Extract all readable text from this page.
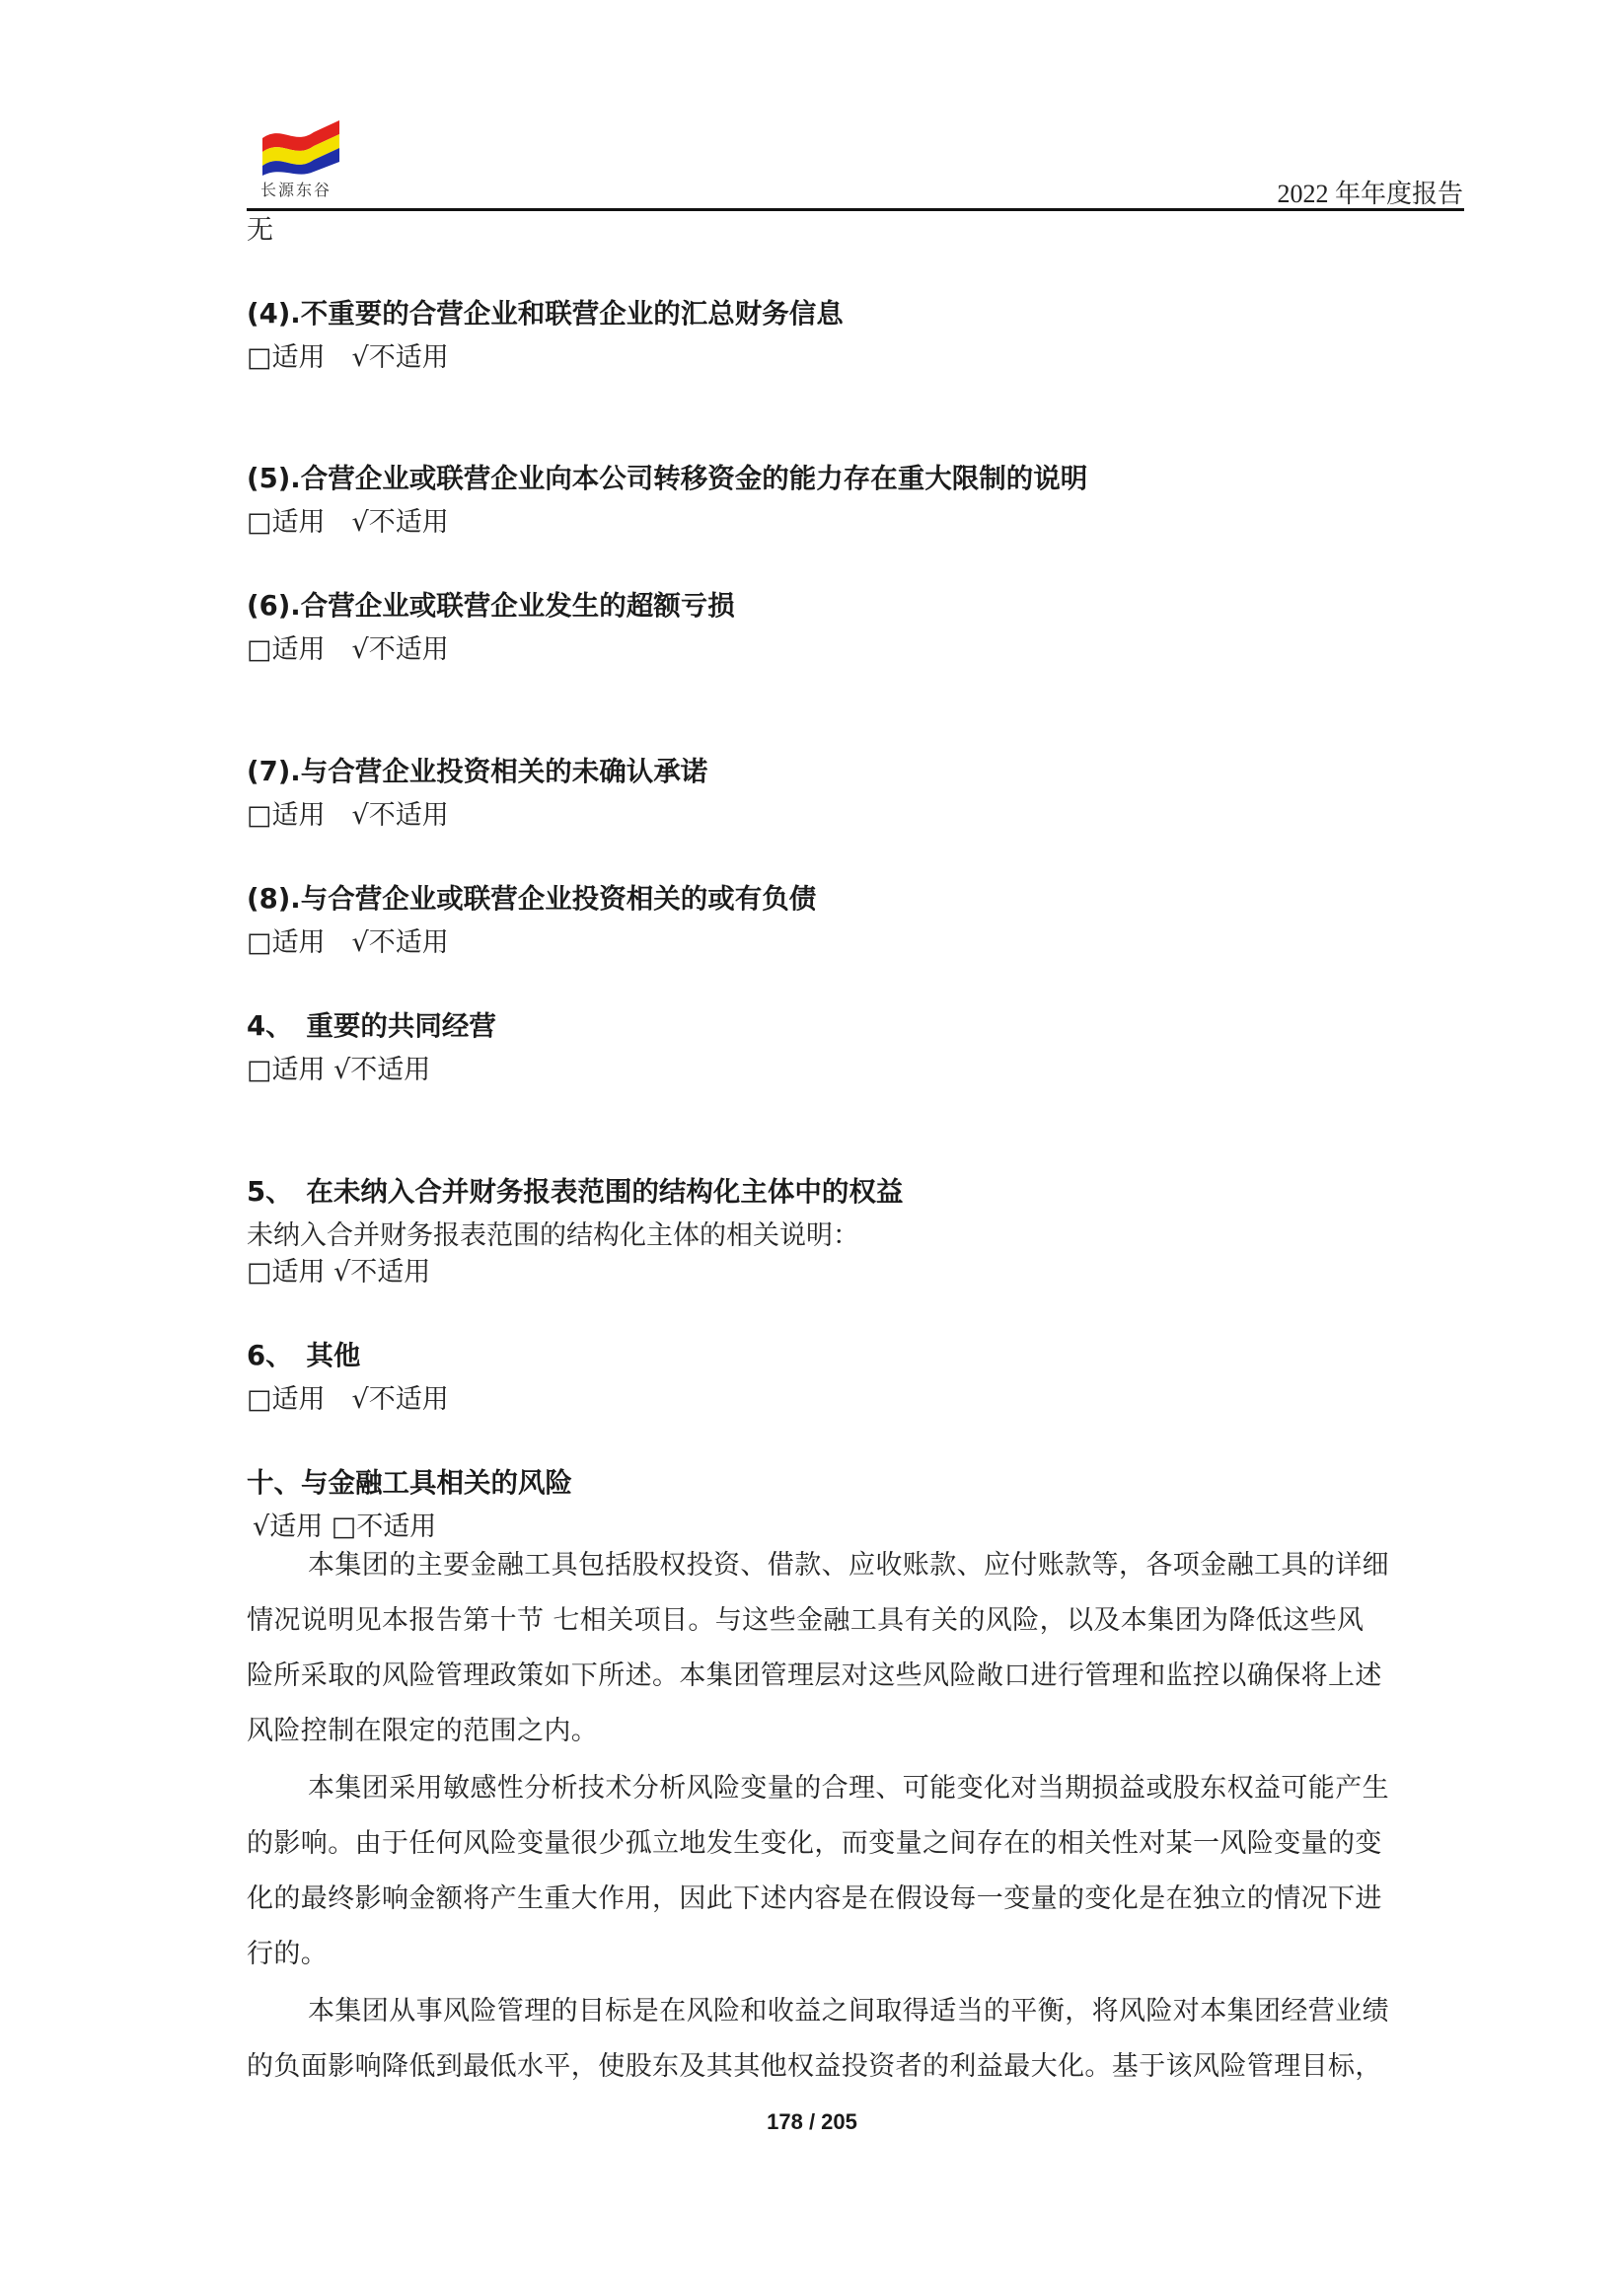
长源东谷	2022 年年度报告
无
(4).不重要的合营企业和联营企业的汇总财务信息
□适用　√不适用
(5).合营企业或联营企业向本公司转移资金的能力存在重大限制的说明
□适用　√不适用
(6).合营企业或联营企业发生的超额亏损
□适用　√不适用
(7).与合营企业投资相关的未确认承诺
□适用　√不适用
(8).与合营企业或联营企业投资相关的或有负债
□适用　√不适用
4、　重要的共同经营
□适用 √不适用
5、　在未纳入合并财务报表范围的结构化主体中的权益
未纳入合并财务报表范围的结构化主体的相关说明：
□适用 √不适用
6、　其他
□适用　√不适用
十、与金融工具相关的风险
√适用 □不适用
本集团的主要金融工具包括股权投资、借款、应收账款、应付账款等，各项金融工具的详细
情况说明见本报告第十节 七相关项目。与这些金融工具有关的风险，以及本集团为降低这些风
险所采取的风险管理政策如下所述。本集团管理层对这些风险敞口进行管理和监控以确保将上述
风险控制在限定的范围之内。
本集团采用敏感性分析技术分析风险变量的合理、可能变化对当期损益或股东权益可能产生
的影响。由于任何风险变量很少孤立地发生变化，而变量之间存在的相关性对某一风险变量的变
化的最终影响金额将产生重大作用，因此下述内容是在假设每一变量的变化是在独立的情况下进
行的。
本集团从事风险管理的目标是在风险和收益之间取得适当的平衡，将风险对本集团经营业绩
的负面影响降低到最低水平，使股东及其其他权益投资者的利益最大化。基于该风险管理目标，
178 / 205
